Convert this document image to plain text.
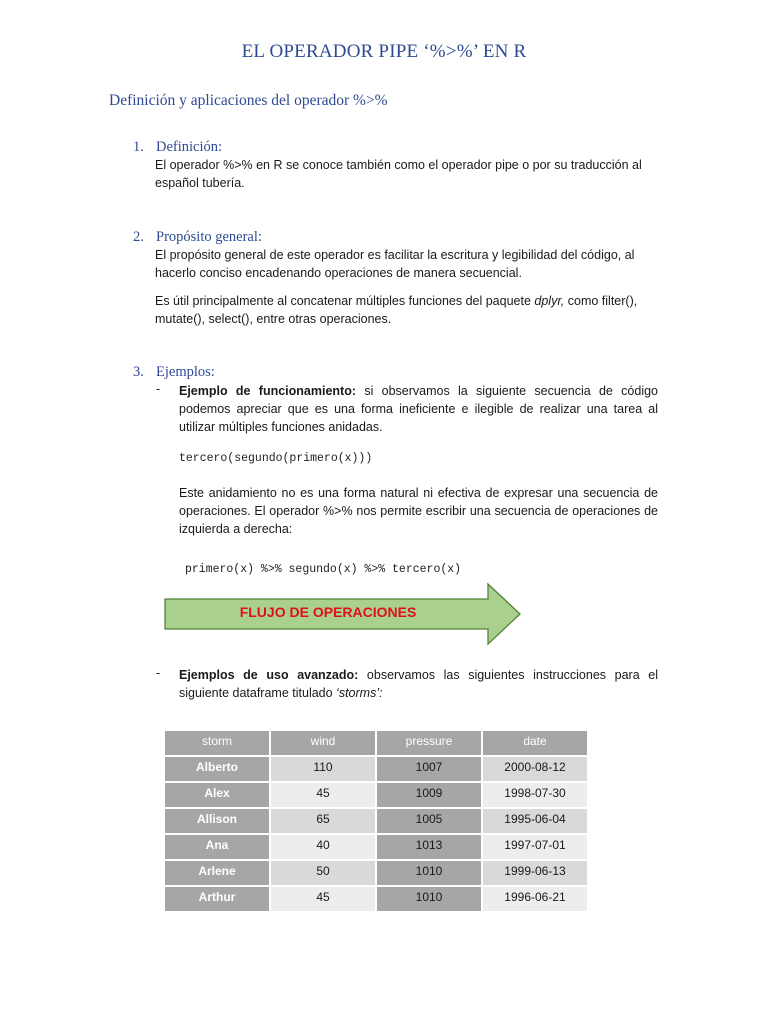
EL OPERADOR PIPE ‘%>%’ EN R
Definición y aplicaciones del operador %>%
1. Definición:
El operador %>% en R se conoce también como el operador pipe o por su traducción al español tubería.
2. Propósito general:
El propósito general de este operador es facilitar la escritura y legibilidad del código, al hacerlo conciso encadenando operaciones de manera secuencial.
Es útil principalmente al concatenar múltiples funciones del paquete dplyr, como filter(), mutate(), select(), entre otras operaciones.
3. Ejemplos:
- Ejemplo de funcionamiento: si observamos la siguiente secuencia de código podemos apreciar que es una forma ineficiente e ilegible de realizar una tarea al utilizar múltiples funciones anidadas.
tercero(segundo(primero(x)))
Este anidamiento no es una forma natural ni efectiva de expresar una secuencia de operaciones. El operador %>% nos permite escribir una secuencia de operaciones de izquierda a derecha:
primero(x) %>% segundo(x) %>% tercero(x)
FLUJO DE OPERACIONES
- Ejemplos de uso avanzado: observamos las siguientes instrucciones para el siguiente dataframe titulado ‘storms’:
storm	wind	pressure	date
Alberto	110	1007	2000-08-12
Alex	45	1009	1998-07-30
Allison	65	1005	1995-06-04
Ana	40	1013	1997-07-01
Arlene	50	1010	1999-06-13
Arthur	45	1010	1996-06-21
